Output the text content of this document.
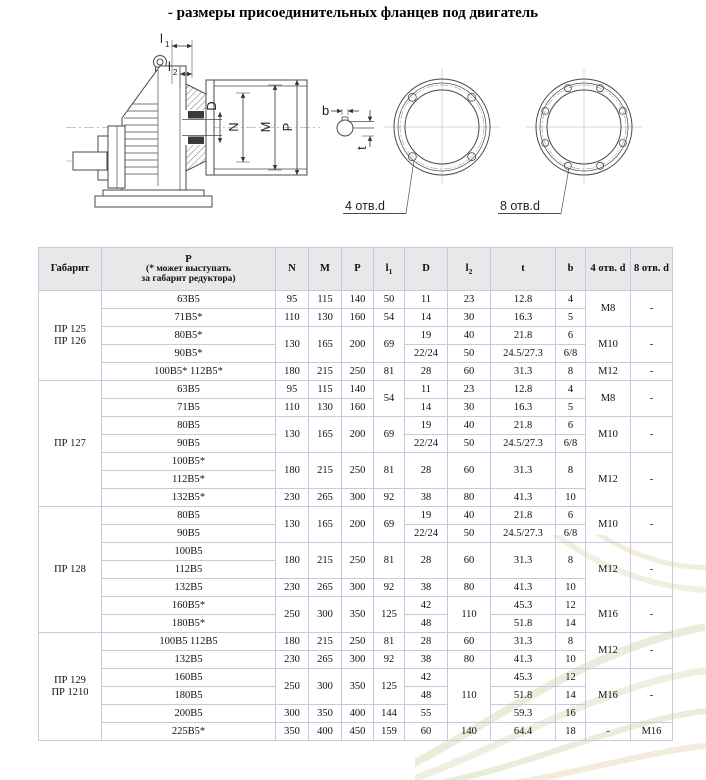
- размеры присоединительных фланцев под двигатель
l 1
l 2
D
N M P
b
t
4 отв.d	8 отв.d
Габарит	Р
(* может выступать
за габарит редуктора)	N	M	P	$l_1$	D	$l_2$	t	b	4 отв. d	8 отв. d

ПР 125
ПР 126	63B5	95	115	140	50	11	23	12.8	4	M8	-
	71B5*	110	130	160	54	14	30	16.3	5		
	80B5*	130	165	200	69	19	40	21.8	6	M10	-
	90B5*					22/24	50	24.5/27.3	6/8		
	100B5* 112B5*	180	215	250	81	28	60	31.3	8	M12	-

ПР 127	63B5	95	115	140	54	11	23	12.8	4	M8	-
	71B5	110	130	160		14	30	16.3	5		
	80B5	130	165	200	69	19	40	21.8	6	M10	-
	90B5					22/24	50	24.5/27.3	6/8		
	100B5*	180	215	250	81	28	60	31.3	8	M12	-
	112B5*										
	132B5*	230	265	300	92	38	80	41.3	10		

ПР 128	80B5	130	165	200	69	19	40	21.8	6	M10	-
	90B5					22/24	50	24.5/27.3	6/8		
	100B5	180	215	250	81	28	60	31.3	8	M12	-
	112B5										
	132B5	230	265	300	92	38	80	41.3	10		
	160B5*	250	300	350	125	42	110	45.3	12	M16	-
	180B5*					48		51.8	14		

ПР 129
ПР 1210	100B5 112B5	180	215	250	81	28	60	31.3	8	M12	-
	132B5	230	265	300	92	38	80	41.3	10		
	160B5	250	300	350	125	42	110	45.3	12	M16	-
	180B5					48		51.8	14		
	200B5	300	350	400	144	55		59.3	16		
	225B5*	350	400	450	159	60	140	64.4	18	-	M16
